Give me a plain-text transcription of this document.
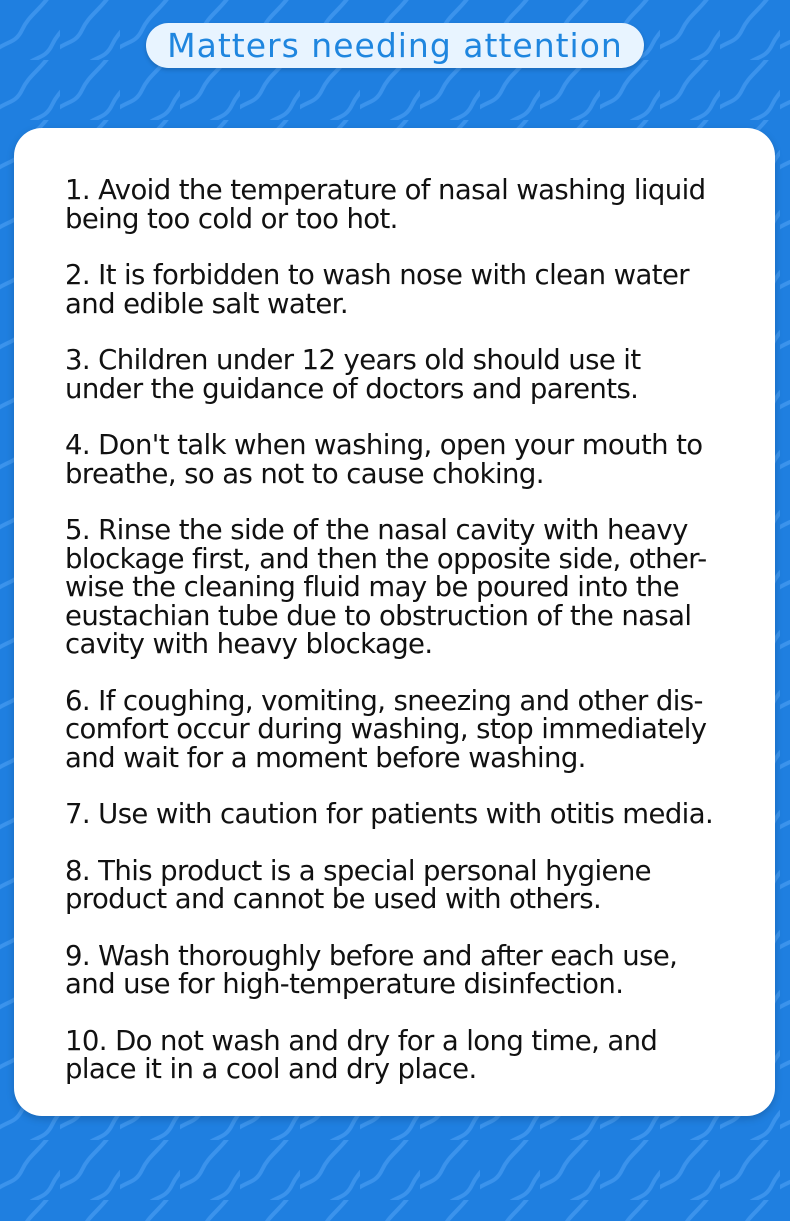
Matters needing attention
1. Avoid the temperature of nasal washing liquid
being too cold or too hot.
2. It is forbidden to wash nose with clean water
and edible salt water.
3. Children under 12 years old should use it
under the guidance of doctors and parents.
4. Don't talk when washing, open your mouth to
breathe, so as not to cause choking.
5. Rinse the side of the nasal cavity with heavy
blockage first, and then the opposite side, other-
wise the cleaning fluid may be poured into the
eustachian tube due to obstruction of the nasal
cavity with heavy blockage.
6. If coughing, vomiting, sneezing and other dis-
comfort occur during washing, stop immediately
and wait for a moment before washing.
7. Use with caution for patients with otitis media.
8. This product is a special personal hygiene
product and cannot be used with others.
9. Wash thoroughly before and after each use,
and use for high-temperature disinfection.
10. Do not wash and dry for a long time, and
place it in a cool and dry place.
